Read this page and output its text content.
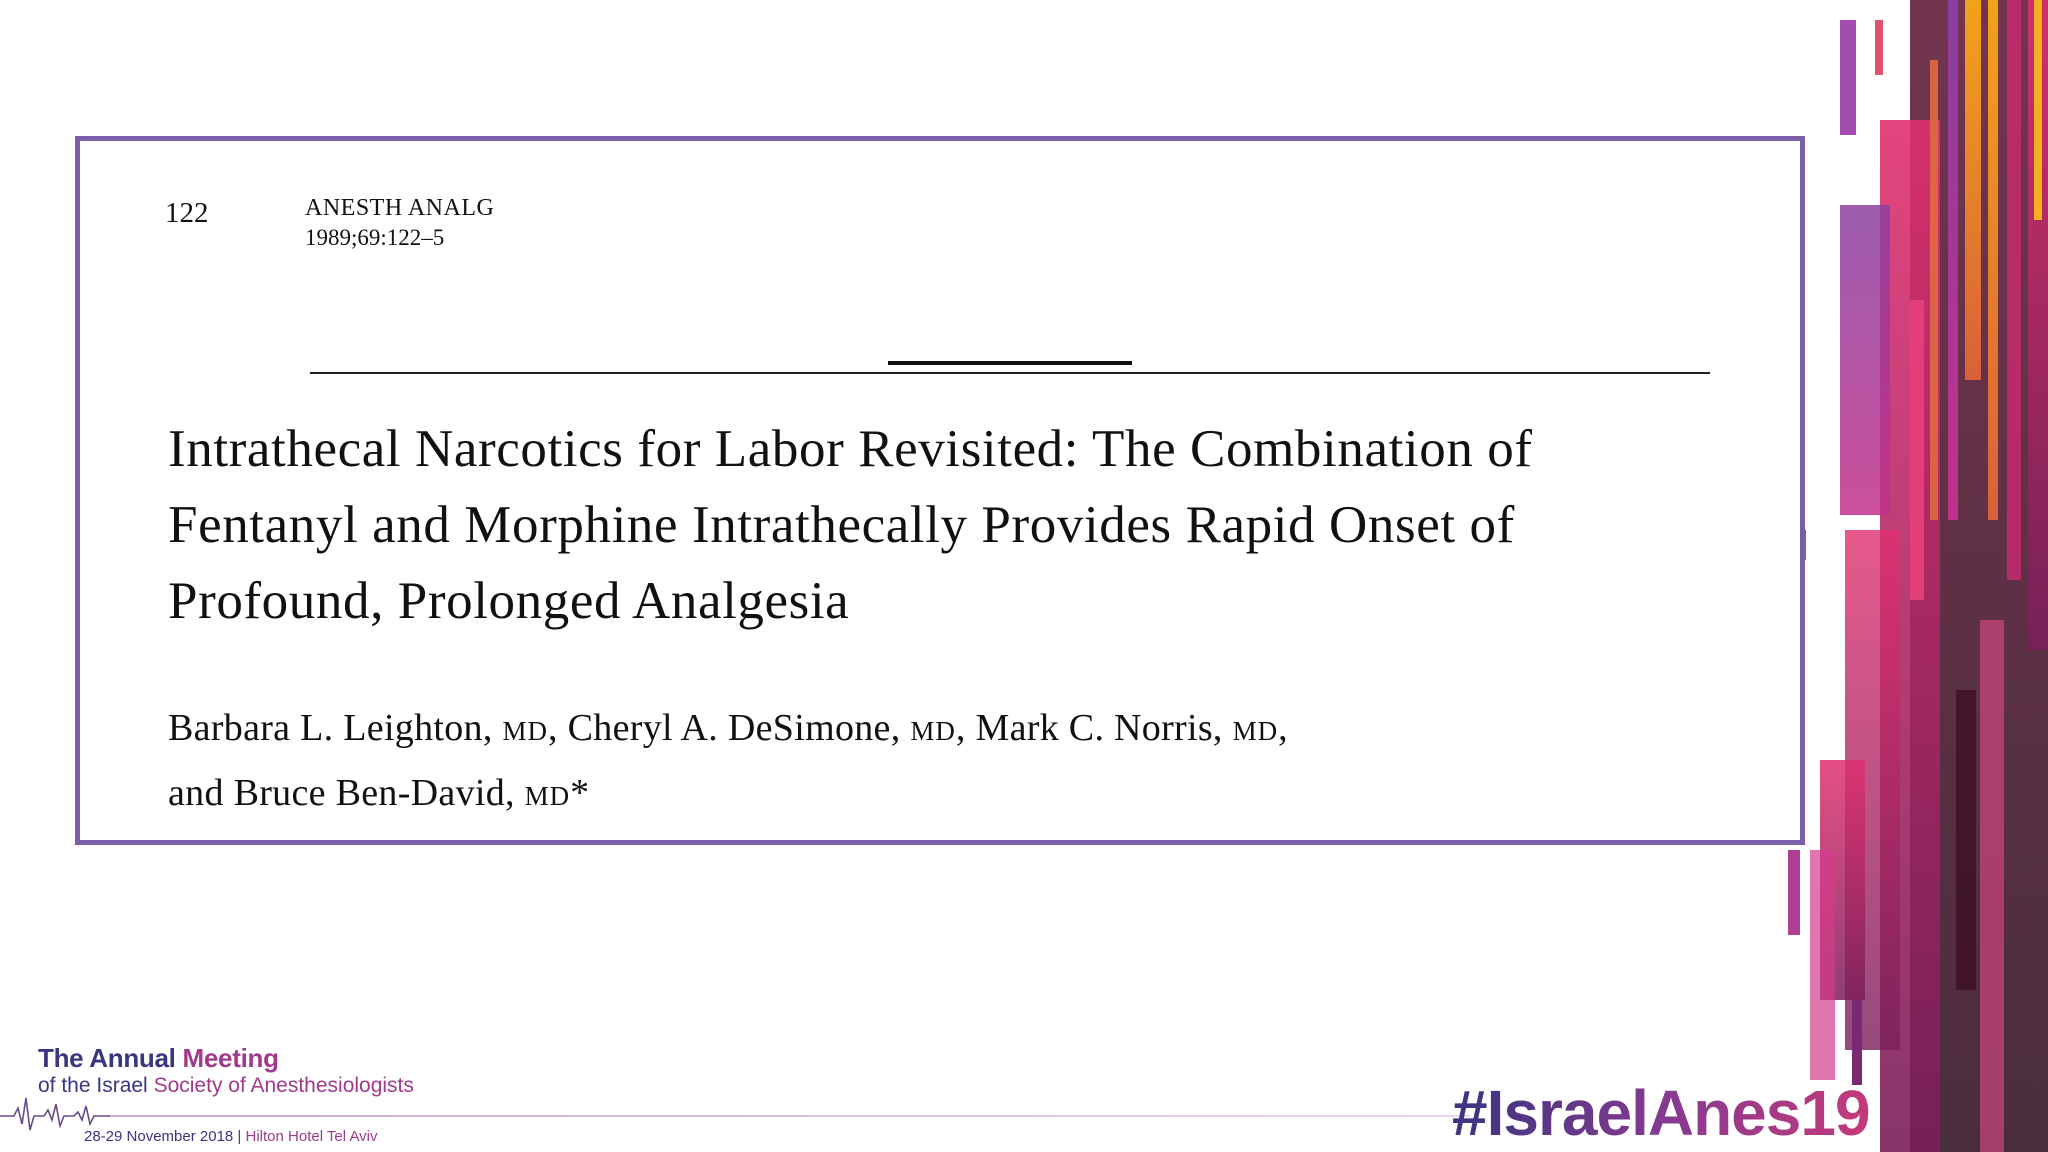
122	ANESTH ANALG
1989;69:122–5
Intrathecal Narcotics for Labor Revisited: The Combination of Fentanyl and Morphine Intrathecally Provides Rapid Onset of Profound, Prolonged Analgesia
Barbara L. Leighton, MD, Cheryl A. DeSimone, MD, Mark C. Norris, MD,
and Bruce Ben-David, MD*
The Annual Meeting
of the Israel Society of Anesthesiologists
28-29 November 2018 | Hilton Hotel Tel Aviv	#IsraelAnes19
